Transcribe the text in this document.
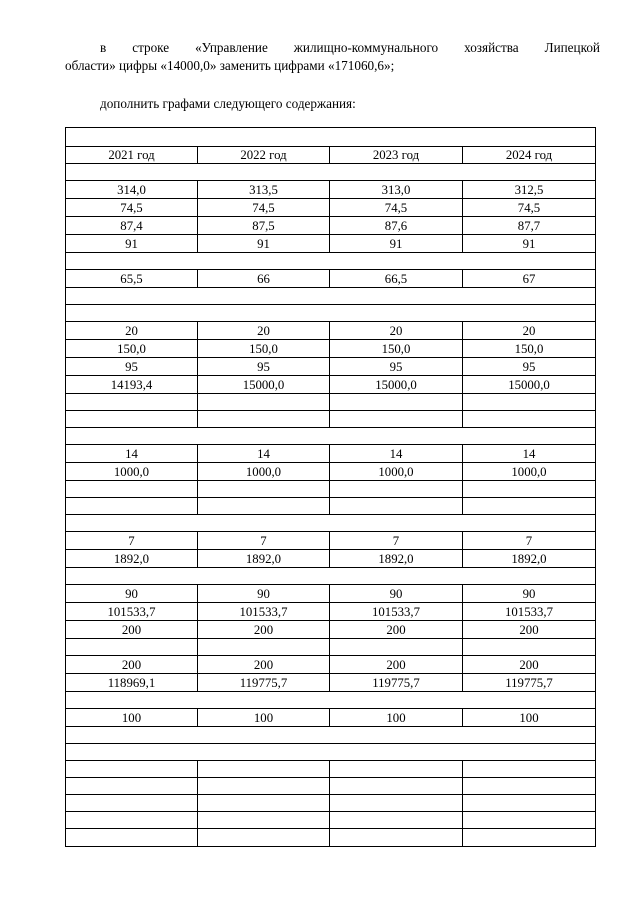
в строке «Управление жилищно-коммунального хозяйства Липецкой
области» цифры «14000,0» заменить цифрами «171060,6»;
дополнить графами следующего содержания:

2021 год	2022 год	2023 год	2024 год

314,0	313,5	313,0	312,5
74,5	74,5	74,5	74,5
87,4	87,5	87,6	87,7
91	91	91	91

65,5	66	66,5	67

20	20	20	20
150,0	150,0	150,0	150,0
95	95	95	95
14193,4	15000,0	15000,0	15000,0

14	14	14	14
1000,0	1000,0	1000,0	1000,0

7	7	7	7
1892,0	1892,0	1892,0	1892,0

90	90	90	90
101533,7	101533,7	101533,7	101533,7
200	200	200	200

200	200	200	200
118969,1	119775,7	119775,7	119775,7

100	100	100	100
